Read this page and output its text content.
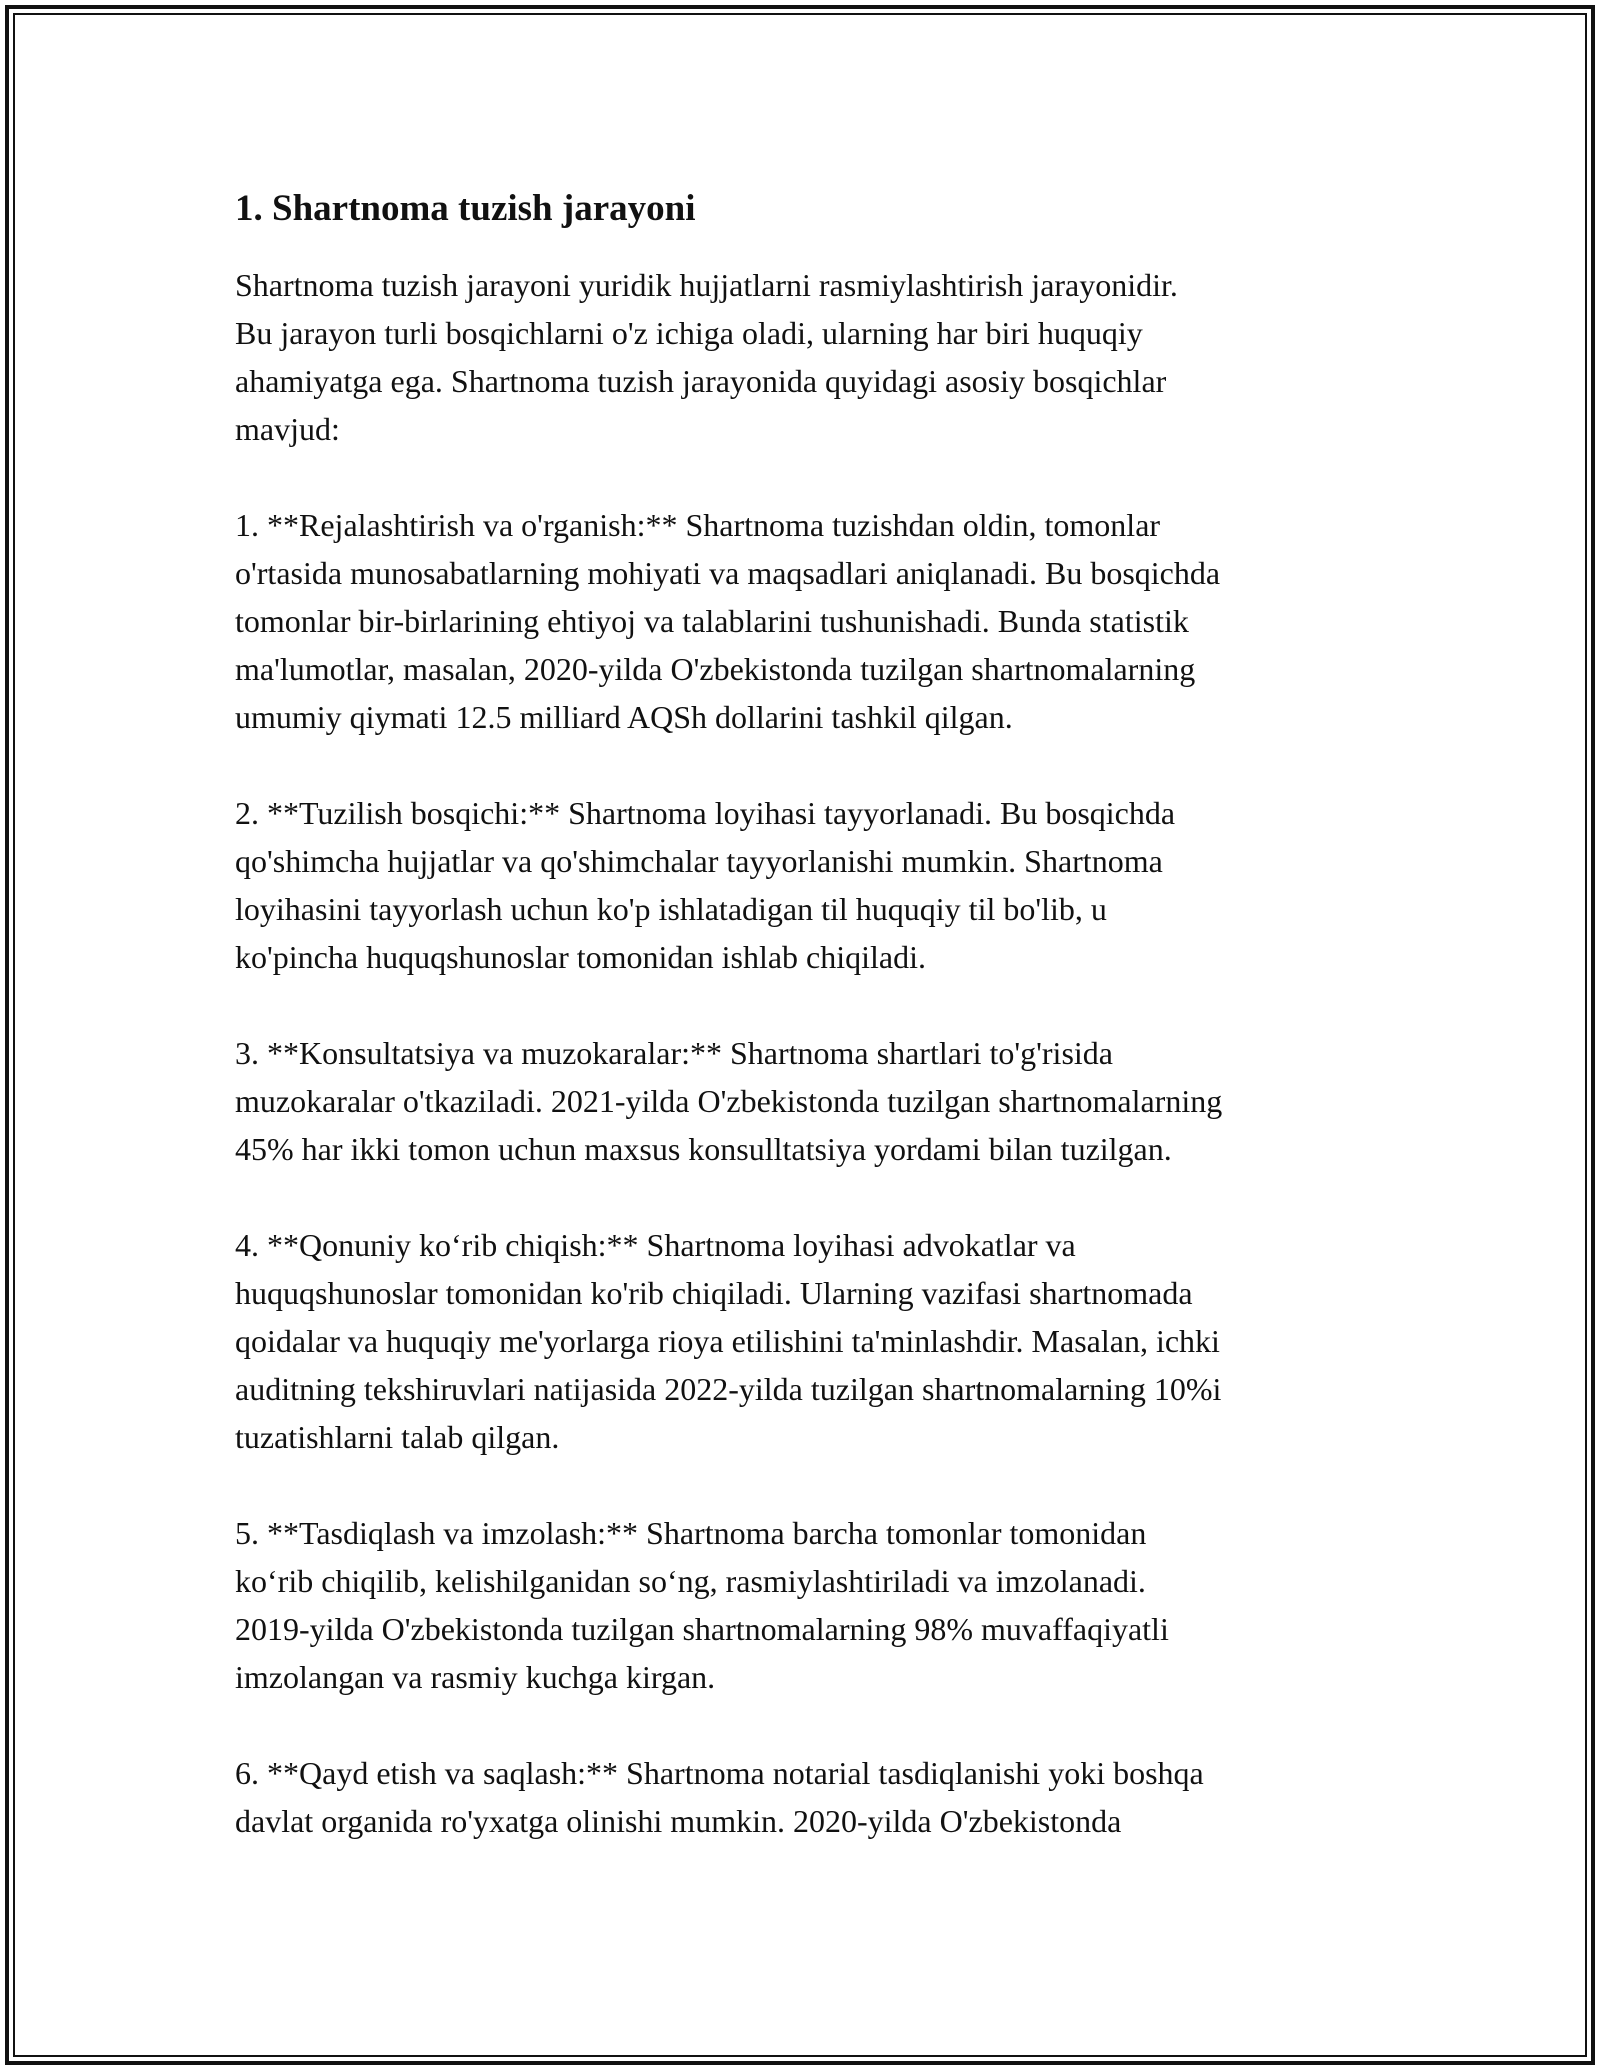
1. Shartnoma tuzish jarayoni
Shartnoma tuzish jarayoni yuridik hujjatlarni rasmiylashtirish jarayonidir.
Bu jarayon turli bosqichlarni o'z ichiga oladi, ularning har biri huquqiy
ahamiyatga ega. Shartnoma tuzish jarayonida quyidagi asosiy bosqichlar
mavjud:
1. **Rejalashtirish va o'rganish:** Shartnoma tuzishdan oldin, tomonlar
o'rtasida munosabatlarning mohiyati va maqsadlari aniqlanadi. Bu bosqichda
tomonlar bir-birlarining ehtiyoj va talablarini tushunishadi. Bunda statistik
ma'lumotlar, masalan, 2020-yilda O'zbekistonda tuzilgan shartnomalarning
umumiy qiymati 12.5 milliard AQSh dollarini tashkil qilgan.
2. **Tuzilish bosqichi:** Shartnoma loyihasi tayyorlanadi. Bu bosqichda
qo'shimcha hujjatlar va qo'shimchalar tayyorlanishi mumkin. Shartnoma
loyihasini tayyorlash uchun ko'p ishlatadigan til huquqiy til bo'lib, u
ko'pincha huquqshunoslar tomonidan ishlab chiqiladi.
3. **Konsultatsiya va muzokaralar:** Shartnoma shartlari to'g'risida
muzokaralar o'tkaziladi. 2021-yilda O'zbekistonda tuzilgan shartnomalarning
45% har ikki tomon uchun maxsus konsulltatsiya yordami bilan tuzilgan.
4. **Qonuniy ko‘rib chiqish:** Shartnoma loyihasi advokatlar va
huquqshunoslar tomonidan ko'rib chiqiladi. Ularning vazifasi shartnomada
qoidalar va huquqiy me'yorlarga rioya etilishini ta'minlashdir. Masalan, ichki
auditning tekshiruvlari natijasida 2022-yilda tuzilgan shartnomalarning 10%i
tuzatishlarni talab qilgan.
5. **Tasdiqlash va imzolash:** Shartnoma barcha tomonlar tomonidan
ko‘rib chiqilib, kelishilganidan so‘ng, rasmiylashtiriladi va imzolanadi.
2019-yilda O'zbekistonda tuzilgan shartnomalarning 98% muvaffaqiyatli
imzolangan va rasmiy kuchga kirgan.
6. **Qayd etish va saqlash:** Shartnoma notarial tasdiqlanishi yoki boshqa
davlat organida ro'yxatga olinishi mumkin. 2020-yilda O'zbekistonda
